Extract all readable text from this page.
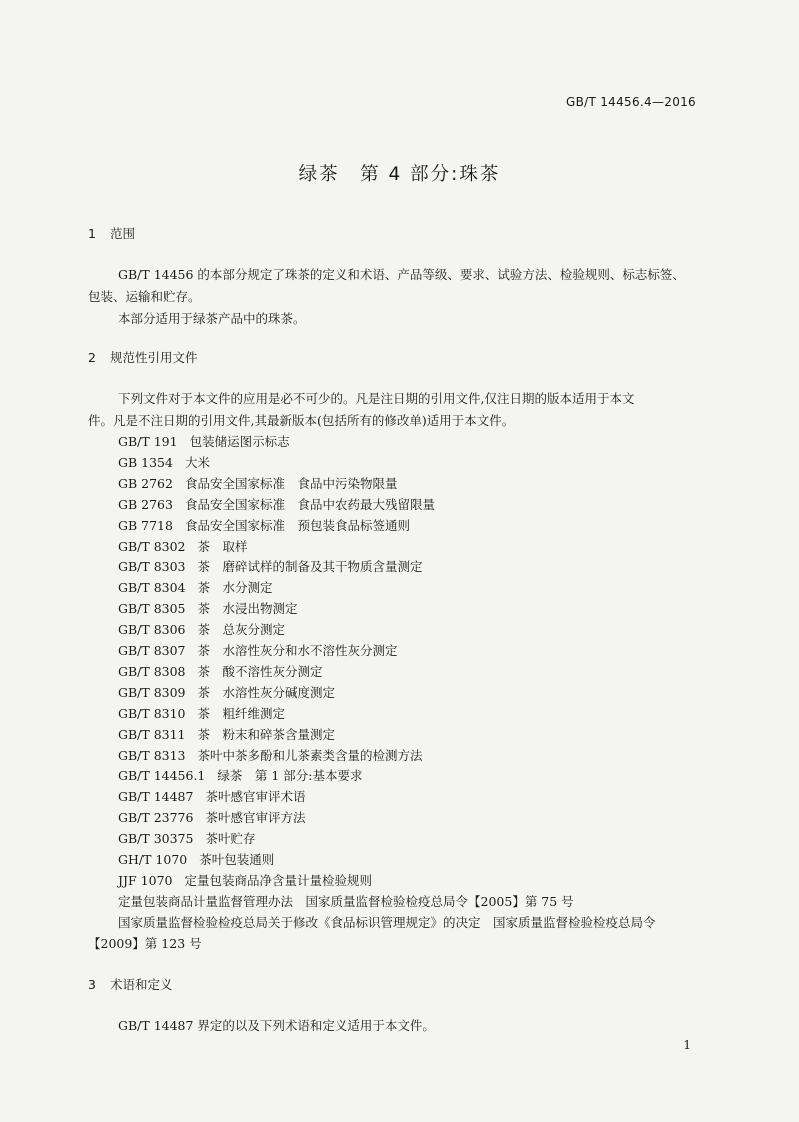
GB/T 14456.4—2016
绿茶　第 4 部分:珠茶
1 范围
GB/T 14456 的本部分规定了珠茶的定义和术语、产品等级、要求、试验方法、检验规则、标志标签、
包装、运输和贮存。
本部分适用于绿茶产品中的珠茶。
2 规范性引用文件
下列文件对于本文件的应用是必不可少的。凡是注日期的引用文件,仅注日期的版本适用于本文
件。凡是不注日期的引用文件,其最新版本(包括所有的修改单)适用于本文件。
GB/T 191 包装储运图示标志
GB 1354 大米
GB 2762 食品安全国家标准　食品中污染物限量
GB 2763 食品安全国家标准　食品中农药最大残留限量
GB 7718 食品安全国家标准　预包装食品标签通则
GB/T 8302 茶　取样
GB/T 8303 茶　磨碎试样的制备及其干物质含量测定
GB/T 8304 茶　水分测定
GB/T 8305 茶　水浸出物测定
GB/T 8306 茶　总灰分测定
GB/T 8307 茶　水溶性灰分和水不溶性灰分测定
GB/T 8308 茶　酸不溶性灰分测定
GB/T 8309 茶　水溶性灰分碱度测定
GB/T 8310 茶　粗纤维测定
GB/T 8311 茶　粉末和碎茶含量测定
GB/T 8313 茶叶中茶多酚和儿茶素类含量的检测方法
GB/T 14456.1 绿茶　第 1 部分:基本要求
GB/T 14487 茶叶感官审评术语
GB/T 23776 茶叶感官审评方法
GB/T 30375 茶叶贮存
GH/T 1070 茶叶包装通则
JJF 1070 定量包装商品净含量计量检验规则
定量包装商品计量监督管理办法　国家质量监督检验检疫总局令【2005】第 75 号
国家质量监督检验检疫总局关于修改《食品标识管理规定》的决定　国家质量监督检验检疫总局令
【2009】第 123 号
3 术语和定义
GB/T 14487 界定的以及下列术语和定义适用于本文件。
1
